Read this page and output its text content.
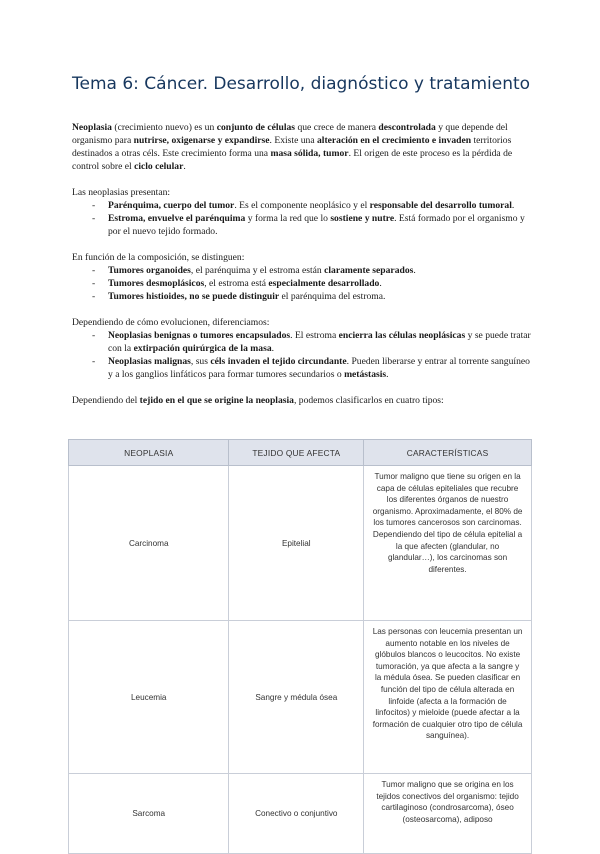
Tema 6: Cáncer. Desarrollo, diagnóstico y tratamiento

Neoplasia (crecimiento nuevo) es un conjunto de células que crece de manera descontrolada y que depende del organismo para nutrirse, oxigenarse y expandirse. Existe una alteración en el crecimiento e invaden territorios destinados a otras céls. Este crecimiento forma una masa sólida, tumor. El origen de este proceso es la pérdida de control sobre el ciclo celular.

Las neoplasias presentan:

- Parénquima, cuerpo del tumor. Es el componente neoplásico y el responsable del desarrollo tumoral.
- Estroma, envuelve el parénquima y forma la red que lo sostiene y nutre. Está formado por el organismo y por el nuevo tejido formado.

En función de la composición, se distinguen:

- Tumores organoides, el parénquima y el estroma están claramente separados.
- Tumores desmoplásicos, el estroma está especialmente desarrollado.
- Tumores histioides, no se puede distinguir el parénquima del estroma.

Dependiendo de cómo evolucionen, diferenciamos:

- Neoplasias benignas o tumores encapsulados. El estroma encierra las células neoplásicas y se puede tratar con la extirpación quirúrgica de la masa.
- Neoplasias malignas, sus céls invaden el tejido circundante. Pueden liberarse y entrar al torrente sanguíneo y a los ganglios linfáticos para formar tumores secundarios o metástasis.

Dependiendo del tejido en el que se origine la neoplasia, podemos clasificarlos en cuatro tipos:

NEOPLASIA	TEJIDO QUE AFECTA	CARACTERÍSTICAS
Carcinoma	Epitelial	Tumor maligno que tiene su origen en la capa de células epiteliales que recubre los diferentes órganos de nuestro organismo. Aproximadamente, el 80% de los tumores cancerosos son carcinomas. Dependiendo del tipo de célula epitelial a la que afecten (glandular, no glandular…), los carcinomas son diferentes.
Leucemia	Sangre y médula ósea	Las personas con leucemia presentan un aumento notable en los niveles de glóbulos blancos o leucocitos. No existe tumoración, ya que afecta a la sangre y la médula ósea. Se pueden clasificar en función del tipo de célula alterada en linfoide (afecta a la formación de linfocitos) y mieloide (puede afectar a la formación de cualquier otro tipo de célula sanguínea).
Sarcoma	Conectivo o conjuntivo	Tumor maligno que se origina en los tejidos conectivos del organismo: tejido cartilaginoso (condrosarcoma), óseo (osteosarcoma), adiposo
